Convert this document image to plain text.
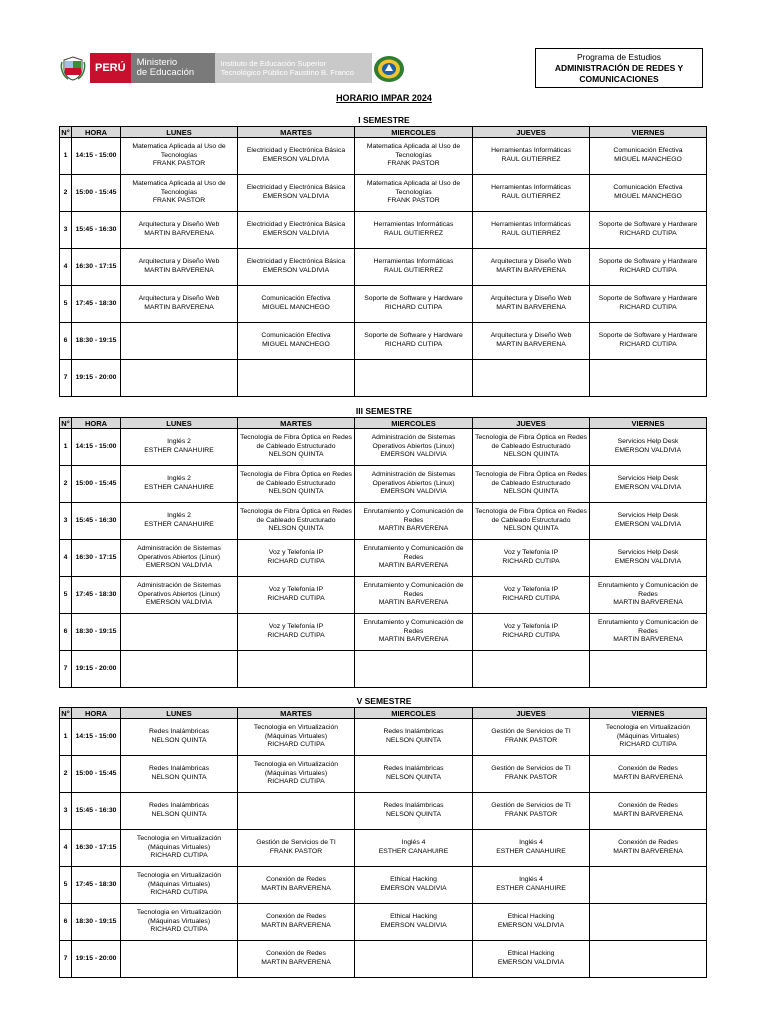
PERÚ	Ministerio
de Educación
Instituto de Educación Superior
Tecnológico Público Faustino B. Franco
Programa de Estudios
ADMINISTRACIÓN DE REDES Y
COMUNICACIONES
HORARIO IMPAR 2024
I SEMESTRE
N°	HORA	LUNES	MARTES	MIERCOLES	JUEVES	VIERNES
1	14:15 - 15:00	Matematica Aplicada al Uso de
Tecnologías
FRANK PASTOR	Electricidad y Electrónica Básica
EMERSON VALDIVIA	Matematica Aplicada al Uso de
Tecnologías
FRANK PASTOR	Herramientas Informáticas
RAUL GUTIERREZ	Comunicación Efectiva
MIGUEL MANCHEGO
2	15:00 - 15:45	Matematica Aplicada al Uso de
Tecnologías
FRANK PASTOR	Electricidad y Electrónica Básica
EMERSON VALDIVIA	Matematica Aplicada al Uso de
Tecnologías
FRANK PASTOR	Herramientas Informáticas
RAUL GUTIERREZ	Comunicación Efectiva
MIGUEL MANCHEGO
3	15:45 - 16:30	Arquitectura y Diseño Web
MARTIN BARVERENA	Electricidad y Electrónica Básica
EMERSON VALDIVIA	Herramientas Informáticas
RAUL GUTIERREZ	Herramientas Informáticas
RAUL GUTIERREZ	Soporte de Software y Hardware
RICHARD CUTIPA
4	16:30 - 17:15	Arquitectura y Diseño Web
MARTIN BARVERENA	Electricidad y Electrónica Básica
EMERSON VALDIVIA	Herramientas Informáticas
RAUL GUTIERREZ	Arquitectura y Diseño Web
MARTIN BARVERENA	Soporte de Software y Hardware
RICHARD CUTIPA
5	17:45 - 18:30	Arquitectura y Diseño Web
MARTIN BARVERENA	Comunicación Efectiva
MIGUEL MANCHEGO	Soporte de Software y Hardware
RICHARD CUTIPA	Arquitectura y Diseño Web
MARTIN BARVERENA	Soporte de Software y Hardware
RICHARD CUTIPA
6	18:30 - 19:15		Comunicación Efectiva
MIGUEL MANCHEGO	Soporte de Software y Hardware
RICHARD CUTIPA	Arquitectura y Diseño Web
MARTIN BARVERENA	Soporte de Software y Hardware
RICHARD CUTIPA
7	19:15 - 20:00					
III SEMESTRE
N°	HORA	LUNES	MARTES	MIERCOLES	JUEVES	VIERNES
1	14:15 - 15:00	Inglés 2
ESTHER CANAHUIRE	Tecnologia de Fibra Óptica en Redes
de Cableado Estructurado
NELSON QUINTA	Administración de Sistemas
Operativos Abiertos (Linux)
EMERSON VALDIVIA	Tecnologia de Fibra Óptica en Redes
de Cableado Estructurado
NELSON QUINTA	Servicios Help Desk
EMERSON VALDIVIA
2	15:00 - 15:45	Inglés 2
ESTHER CANAHUIRE	Tecnologia de Fibra Óptica en Redes
de Cableado Estructurado
NELSON QUINTA	Administración de Sistemas
Operativos Abiertos (Linux)
EMERSON VALDIVIA	Tecnologia de Fibra Óptica en Redes
de Cableado Estructurado
NELSON QUINTA	Servicios Help Desk
EMERSON VALDIVIA
3	15:45 - 16:30	Inglés 2
ESTHER CANAHUIRE	Tecnologia de Fibra Óptica en Redes
de Cableado Estructurado
NELSON QUINTA	Enrutamiento y Comunicación de
Redes
MARTIN BARVERENA	Tecnologia de Fibra Óptica en Redes
de Cableado Estructurado
NELSON QUINTA	Servicios Help Desk
EMERSON VALDIVIA
4	16:30 - 17:15	Administración de Sistemas
Operativos Abiertos (Linux)
EMERSON VALDIVIA	Voz y Telefonía IP
RICHARD CUTIPA	Enrutamiento y Comunicación de
Redes
MARTIN BARVERENA	Voz y Telefonía IP
RICHARD CUTIPA	Servicios Help Desk
EMERSON VALDIVIA
5	17:45 - 18:30	Administración de Sistemas
Operativos Abiertos (Linux)
EMERSON VALDIVIA	Voz y Telefonía IP
RICHARD CUTIPA	Enrutamiento y Comunicación de
Redes
MARTIN BARVERENA	Voz y Telefonía IP
RICHARD CUTIPA	Enrutamiento y Comunicación de
Redes
MARTIN BARVERENA
6	18:30 - 19:15		Voz y Telefonía IP
RICHARD CUTIPA	Enrutamiento y Comunicación de
Redes
MARTIN BARVERENA	Voz y Telefonía IP
RICHARD CUTIPA	Enrutamiento y Comunicación de
Redes
MARTIN BARVERENA
7	19:15 - 20:00					
V SEMESTRE
N°	HORA	LUNES	MARTES	MIERCOLES	JUEVES	VIERNES
1	14:15 - 15:00	Redes Inalámbricas
NELSON QUINTA	Tecnologia en Virtualización
(Máquinas Virtuales)
RICHARD CUTIPA	Redes Inalámbricas
NELSON QUINTA	Gestión de Servicios de TI
FRANK PASTOR	Tecnologia en Virtualización
(Máquinas Virtuales)
RICHARD CUTIPA
2	15:00 - 15:45	Redes Inalámbricas
NELSON QUINTA	Tecnologia en Virtualización
(Máquinas Virtuales)
RICHARD CUTIPA	Redes Inalámbricas
NELSON QUINTA	Gestión de Servicios de TI
FRANK PASTOR	Conexión de Redes
MARTIN BARVERENA
3	15:45 - 16:30	Redes Inalámbricas
NELSON QUINTA		Redes Inalámbricas
NELSON QUINTA	Gestión de Servicios de TI
FRANK PASTOR	Conexión de Redes
MARTIN BARVERENA
4	16:30 - 17:15	Tecnologia en Virtualización
(Máquinas Virtuales)
RICHARD CUTIPA	Gestión de Servicios de TI
FRANK PASTOR	Inglés 4
ESTHER CANAHUIRE	Inglés 4
ESTHER CANAHUIRE	Conexión de Redes
MARTIN BARVERENA
5	17:45 - 18:30	Tecnologia en Virtualización
(Máquinas Virtuales)
RICHARD CUTIPA	Conexión de Redes
MARTIN BARVERENA	Ethical Hacking
EMERSON VALDIVIA	Inglés 4
ESTHER CANAHUIRE	
6	18:30 - 19:15	Tecnologia en Virtualización
(Máquinas Virtuales)
RICHARD CUTIPA	Conexión de Redes
MARTIN BARVERENA	Ethical Hacking
EMERSON VALDIVIA	Ethical Hacking
EMERSON VALDIVIA	
7	19:15 - 20:00		Conexión de Redes
MARTIN BARVERENA		Ethical Hacking
EMERSON VALDIVIA	
